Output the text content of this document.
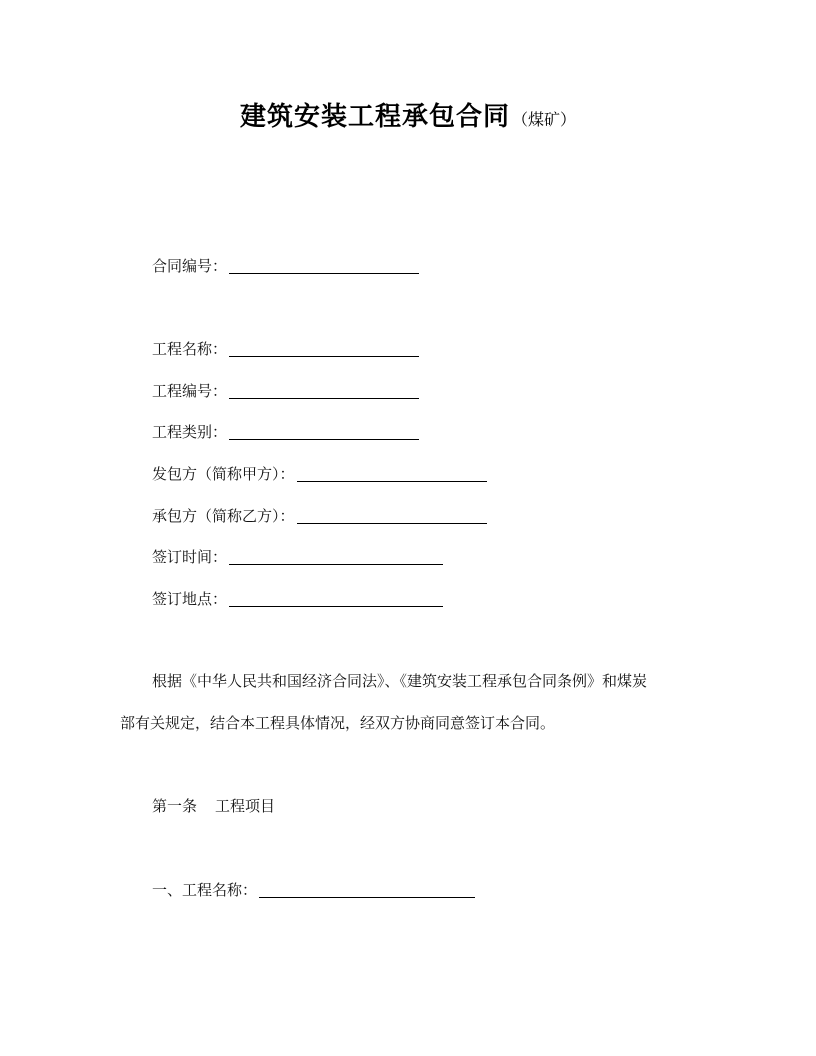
建筑安装工程承包合同 （煤矿）
合同编号：
工程名称：
工程编号：
工程类别：
发包方（简称甲方）：
承包方（简称乙方）：
签订时间：
签订地点：
根据《中华人民共和国经济合同法》、《建筑安装工程承包合同条例》和煤炭
部有关规定，结合本工程具体情况，经双方协商同意签订本合同。
第一条 工程项目
一、工程名称：
